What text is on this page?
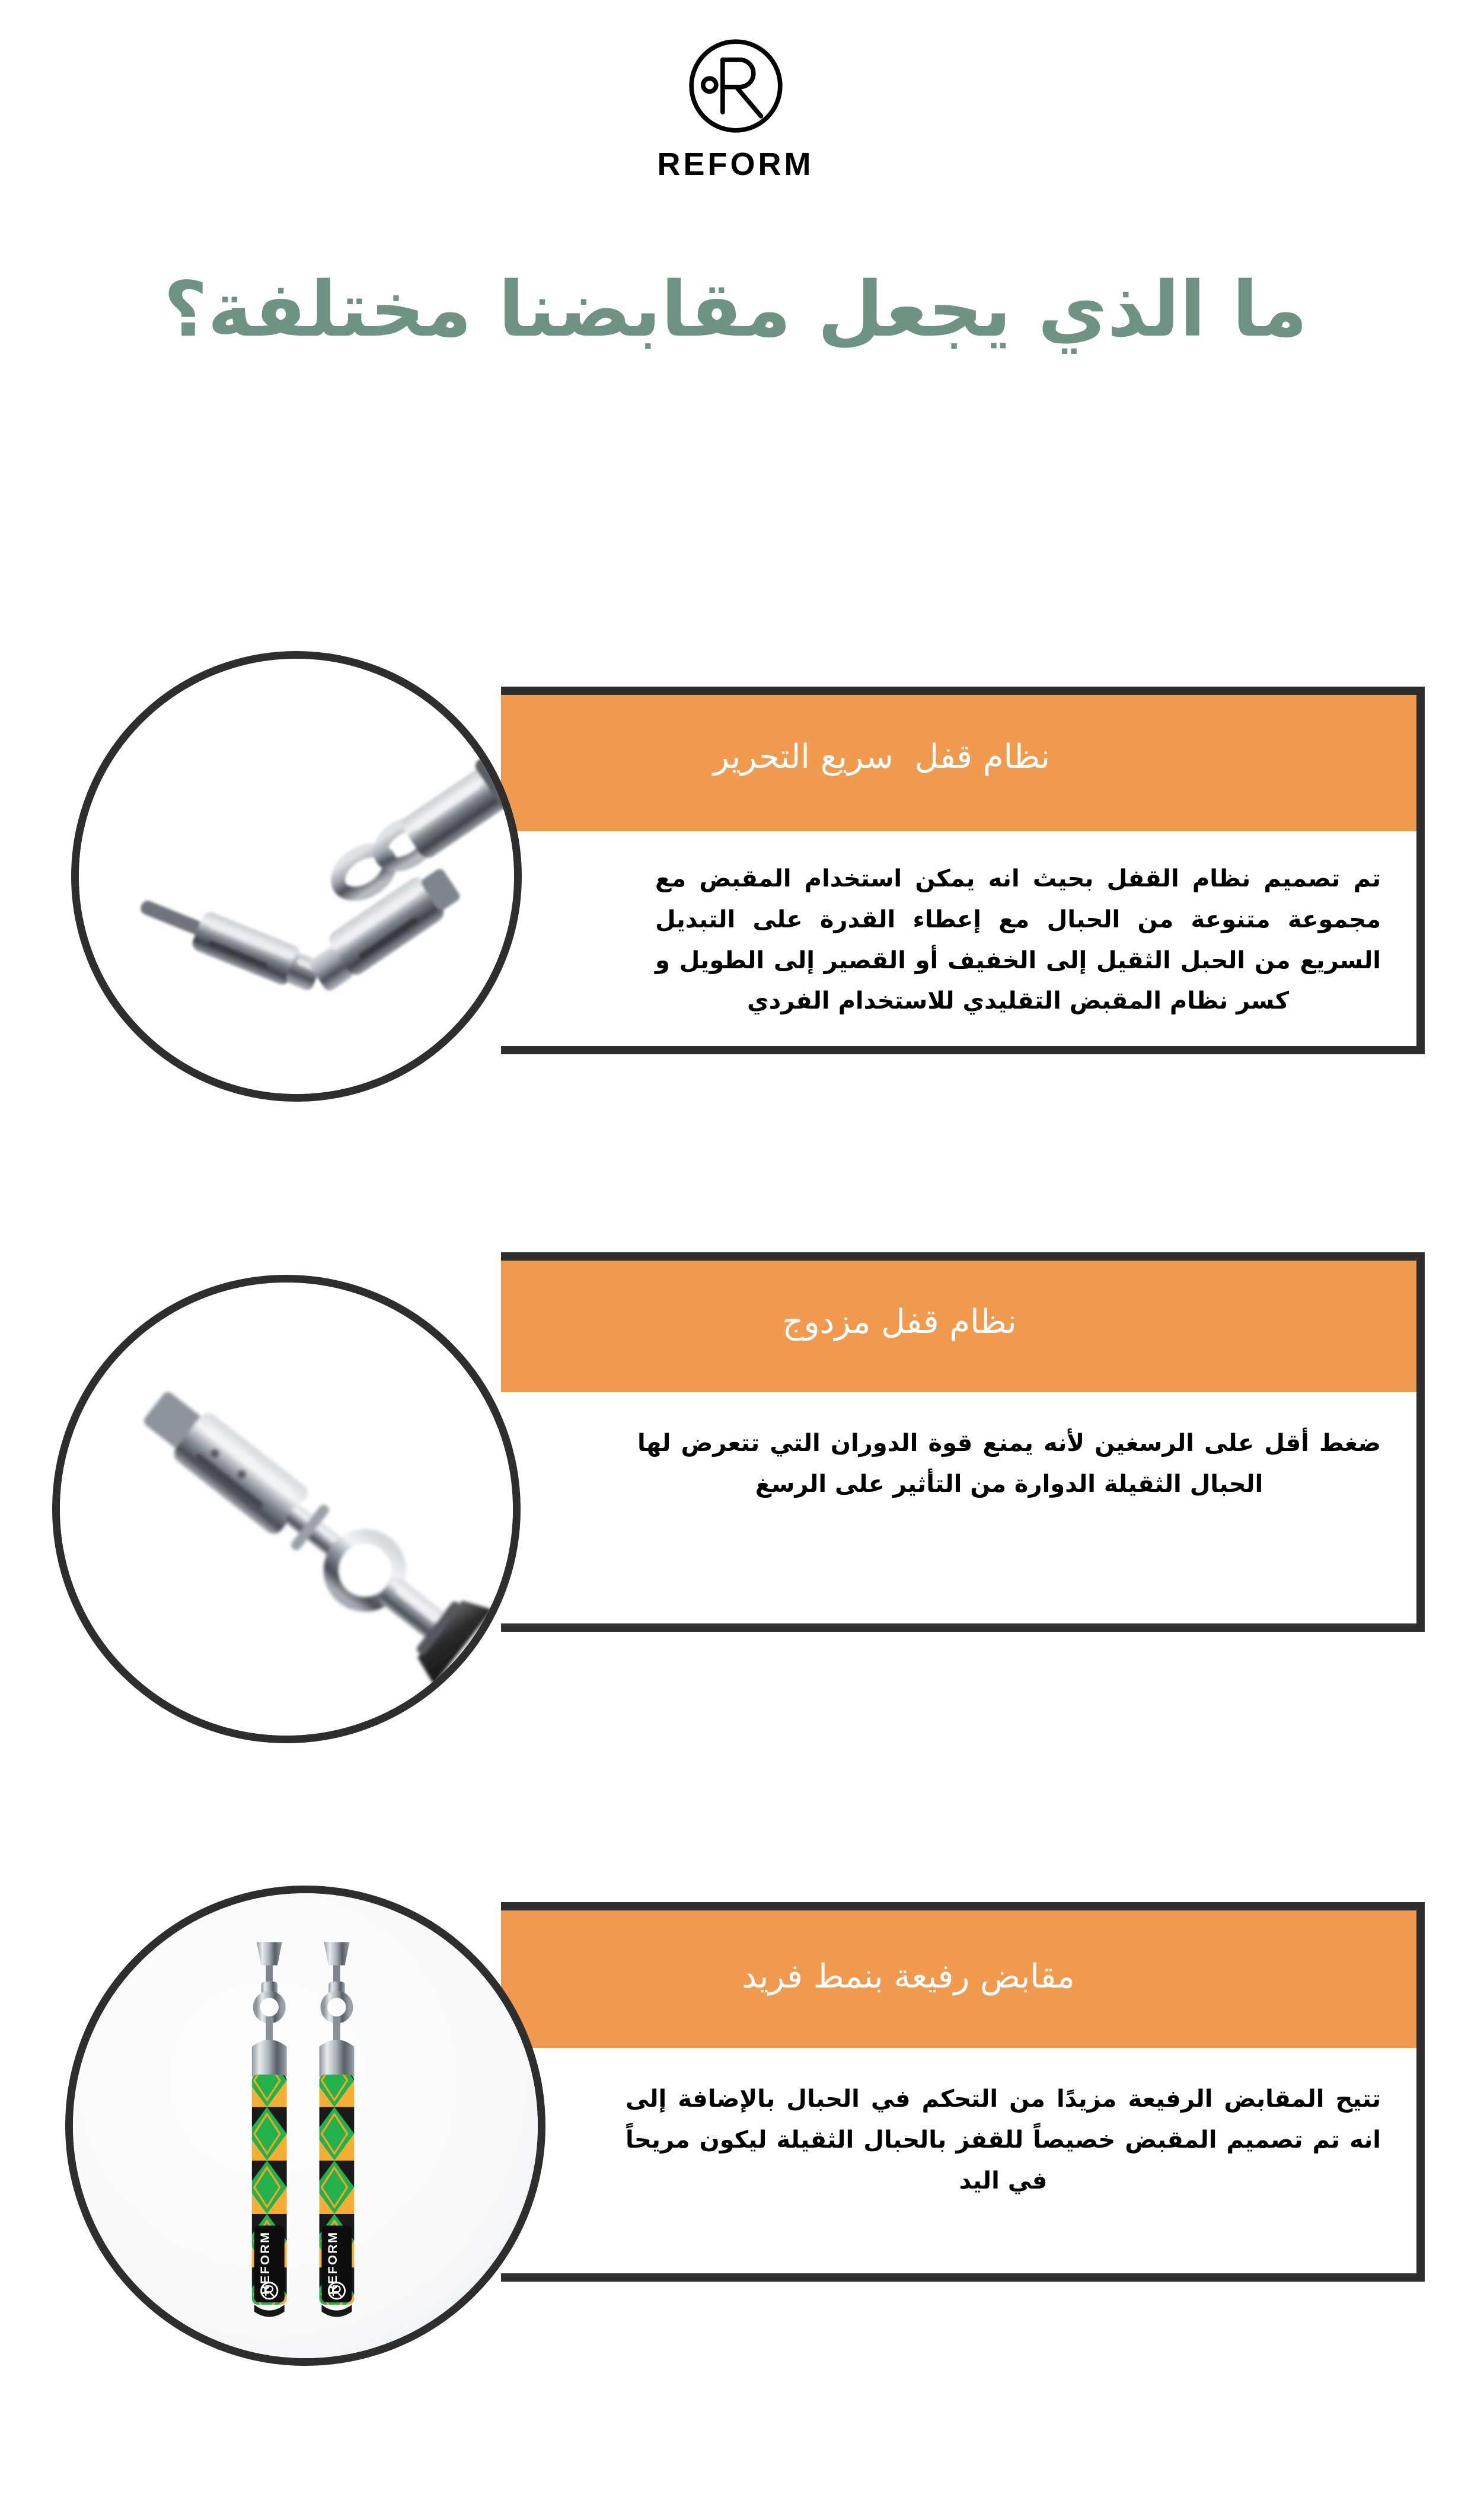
REFORM
ما الذي يجعل مقابضنا مختلفة؟
نظام قفل  سريع التحرير
تم تصميم نظام القفل بحيث انه يمكن استخدام المقبض مع مجموعة متنوعة من الحبال مع إعطاء القدرة على التبديل السريع من الحبل الثقيل إلى الخفيف أو القصير إلى الطويل و كسر نظام المقبض التقليدي للاستخدام الفردي
نظام قفل مزدوج
ضغط أقل على الرسغين لأنه يمنع قوة الدوران التي تتعرض لها الحبال الثقيلة الدوارة من التأثير على الرسغ
مقابض رفيعة بنمط فريد
تتيح المقابض الرفيعة مزيدًا من التحكم في الحبال بالإضافة إلى انه تم تصميم المقبض خصيصاً للقفز بالحبال الثقيلة ليكون مريحاً في اليد
REFORM	REFORM
